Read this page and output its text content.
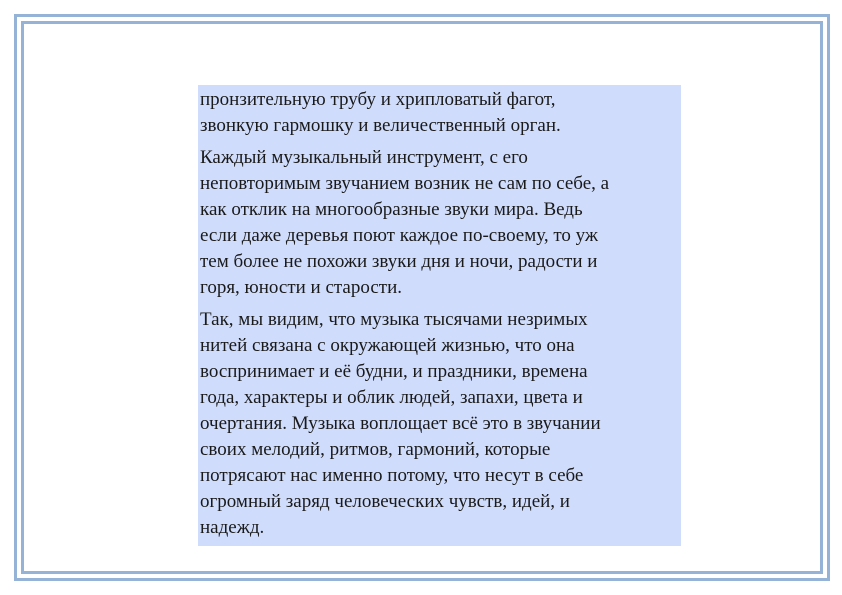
пронзительную трубу и хрипловатый фагот,
звонкую гармошку и величественный орган.

Каждый музыкальный инструмент, с его
неповторимым звучанием возник не сам по себе, а
как отклик на многообразные звуки мира. Ведь
если даже деревья поют каждое по-своему, то уж
тем более не похожи звуки дня и ночи, радости и
горя, юности и старости.

Так, мы видим, что музыка тысячами незримых
нитей связана с окружающей жизнью, что она
воспринимает и её будни, и праздники, времена
года, характеры и облик людей, запахи, цвета и
очертания. Музыка воплощает всё это в звучании
своих мелодий, ритмов, гармоний, которые
потрясают нас именно потому, что несут в себе
огромный заряд человеческих чувств, идей, и
надежд.
